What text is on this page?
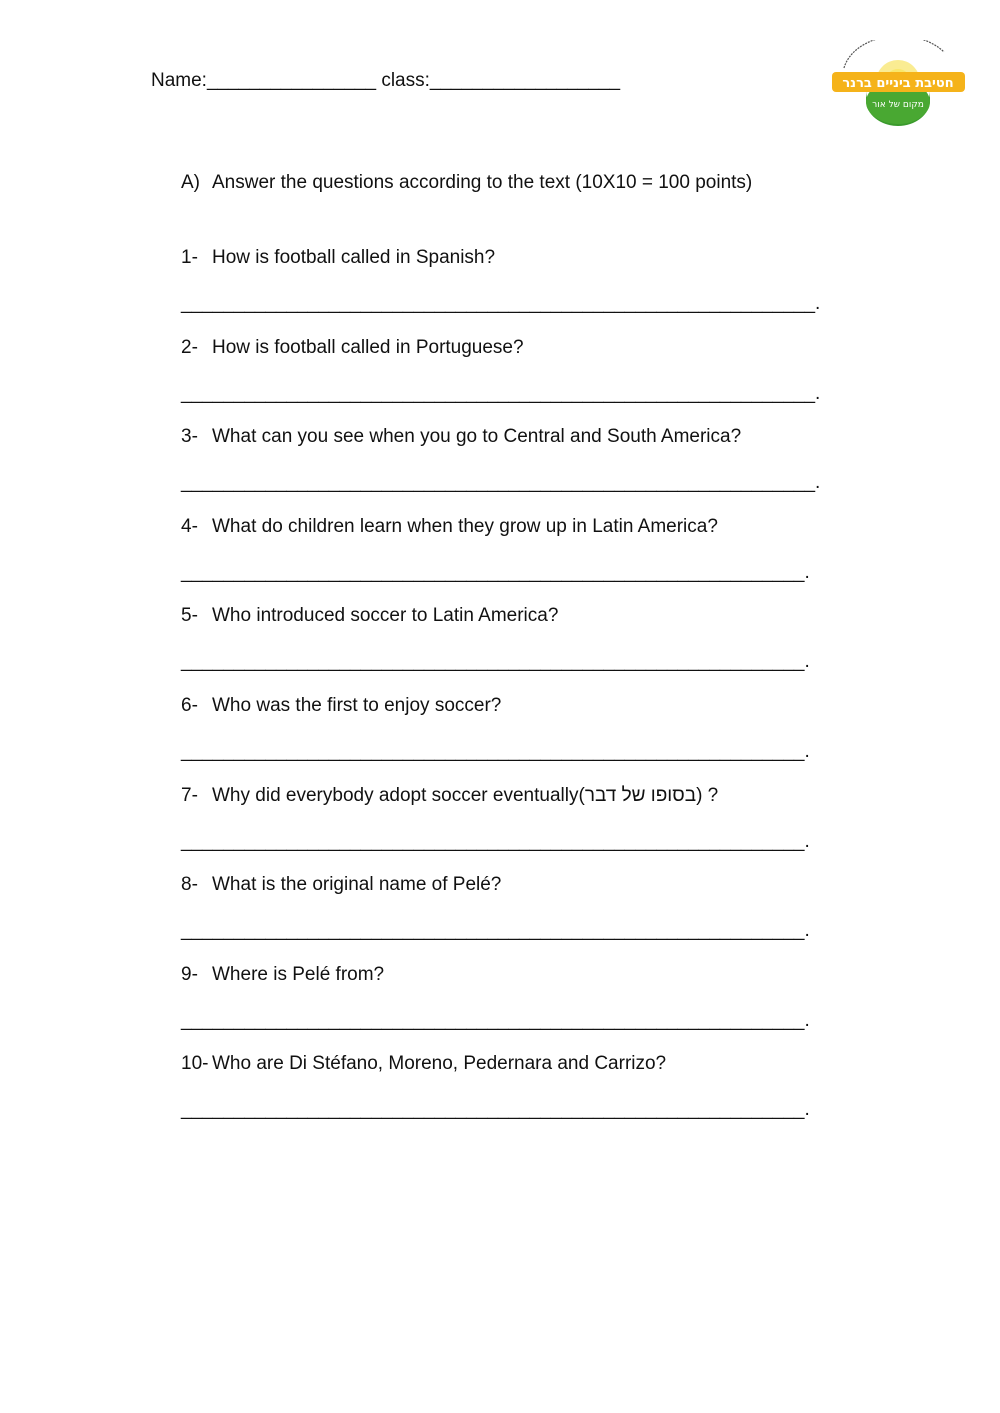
Name:________________ class:__________________	חטיבת ביניים ברנר
מקום של אור
A) Answer the questions according to the text (10X10 = 100 points)
1- How is football called in Spanish?
____________________________________________________________.
2- How is football called in Portuguese?
____________________________________________________________.
3- What can you see when you go to Central and South America?
____________________________________________________________.
4- What do children learn when they grow up in Latin America?
___________________________________________________________.
5- Who introduced soccer to Latin America?
___________________________________________________________.
6- Who was the first to enjoy soccer?
___________________________________________________________.
7- Why did everybody adopt soccer eventually(בסופו של דבר) ?
___________________________________________________________.
8- What is the original name of Pelé?
___________________________________________________________.
9- Where is Pelé from?
___________________________________________________________.
10- Who are Di Stéfano, Moreno, Pedernara and Carrizo?
___________________________________________________________.
